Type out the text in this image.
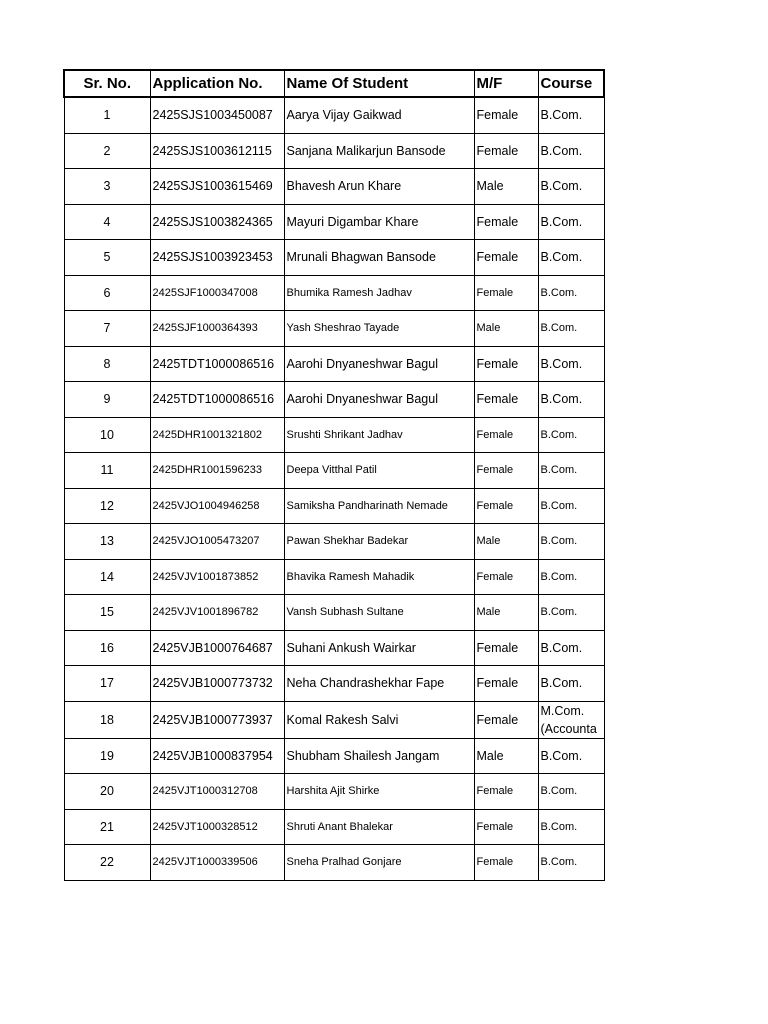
Sr. No.	Application No.	Name Of Student	M/F	Course
1	2425SJS1003450087	Aarya Vijay Gaikwad	Female	B.Com.
2	2425SJS1003612115	Sanjana Malikarjun Bansode	Female	B.Com.
3	2425SJS1003615469	Bhavesh Arun Khare	Male	B.Com.
4	2425SJS1003824365	Mayuri Digambar Khare	Female	B.Com.
5	2425SJS1003923453	Mrunali Bhagwan Bansode	Female	B.Com.
6	2425SJF1000347008	Bhumika Ramesh Jadhav	Female	B.Com.
7	2425SJF1000364393	Yash Sheshrao Tayade	Male	B.Com.
8	2425TDT1000086516	Aarohi Dnyaneshwar Bagul	Female	B.Com.
9	2425TDT1000086516	Aarohi Dnyaneshwar Bagul	Female	B.Com.
10	2425DHR1001321802	Srushti Shrikant Jadhav	Female	B.Com.
11	2425DHR1001596233	Deepa Vitthal Patil	Female	B.Com.
12	2425VJO1004946258	Samiksha Pandharinath Nemade	Female	B.Com.
13	2425VJO1005473207	Pawan Shekhar Badekar	Male	B.Com.
14	2425VJV1001873852	Bhavika Ramesh Mahadik	Female	B.Com.
15	2425VJV1001896782	Vansh Subhash Sultane	Male	B.Com.
16	2425VJB1000764687	Suhani Ankush Wairkar	Female	B.Com.
17	2425VJB1000773732	Neha Chandrashekhar Fape	Female	B.Com.
18	2425VJB1000773937	Komal Rakesh Salvi	Female	M.Com. (Accounta
19	2425VJB1000837954	Shubham Shailesh Jangam	Male	B.Com.
20	2425VJT1000312708	Harshita Ajit Shirke	Female	B.Com.
21	2425VJT1000328512	Shruti Anant Bhalekar	Female	B.Com.
22	2425VJT1000339506	Sneha Pralhad Gonjare	Female	B.Com.
